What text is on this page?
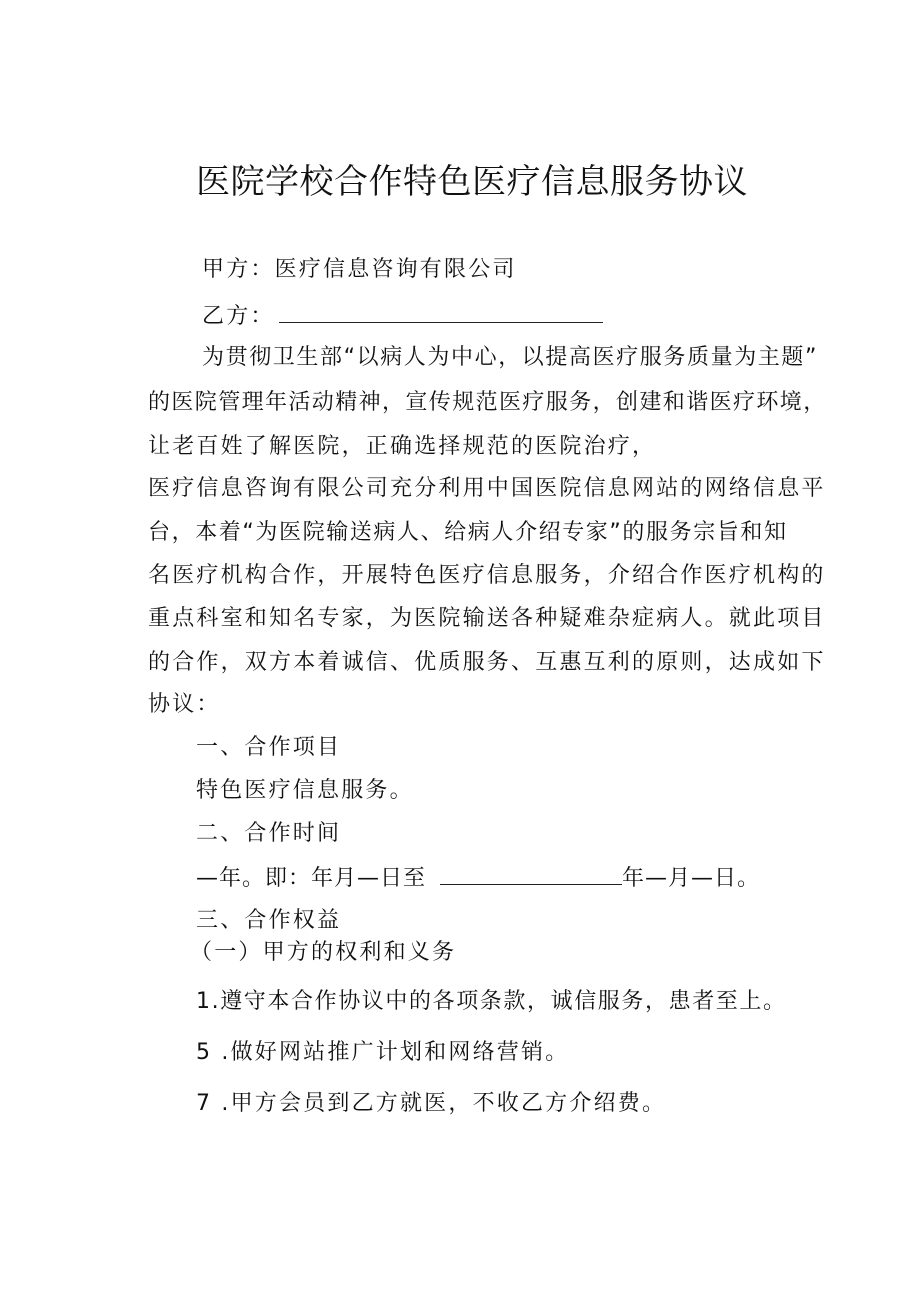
医院学校合作特色医疗信息服务协议
甲方：医疗信息咨询有限公司
乙方：
为贯彻卫生部“以病人为中心，以提高医疗服务质量为主题”
的医院管理年活动精神，宣传规范医疗服务，创建和谐医疗环境，
让老百姓了解医院，正确选择规范的医院治疗，
医疗信息咨询有限公司充分利用中国医院信息网站的网络信息平
台，本着“为医院输送病人、给病人介绍专家”的服务宗旨和知
名医疗机构合作，开展特色医疗信息服务，介绍合作医疗机构的
重点科室和知名专家，为医院输送各种疑难杂症病人。就此项目
的合作，双方本着诚信、优质服务、互惠互利的原则，达成如下
协议：
一、合作项目
特色医疗信息服务。
二、合作时间
—年。即：年月—日至	年—月—日。
三、合作权益
（一）甲方的权利和义务
1.遵守本合作协议中的各项条款，诚信服务，患者至上。
5 .做好网站推广计划和网络营销。
7 .甲方会员到乙方就医，不收乙方介绍费。
